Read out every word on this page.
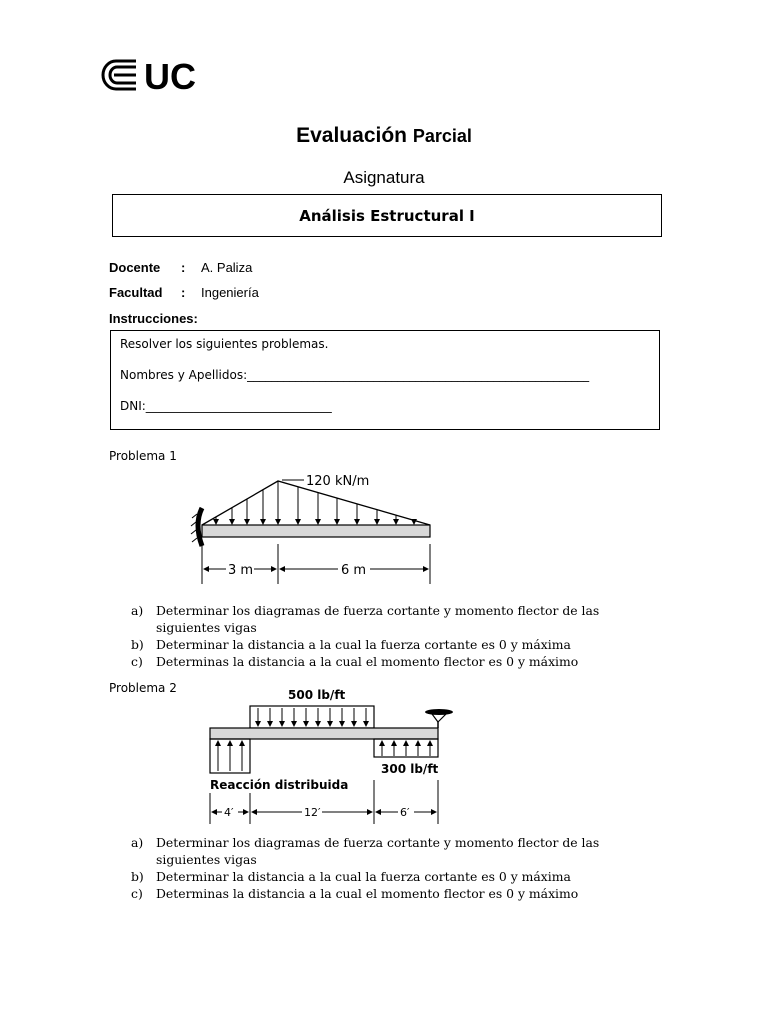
UC
Evaluación Parcial
Asignatura
Análisis Estructural I
Docente : A. Paliza
Facultad : Ingeniería
Instrucciones:
Resolver los siguientes problemas.
Nombres y Apellidos:_________________________________________________________
DNI:_______________________________
Problema 1
120 kN/m
3 m	6 m
a) Determinar los diagramas de fuerza cortante y momento flector de las siguientes vigas
b) Determinar la distancia a la cual la fuerza cortante es 0 y máxima
c) Determinas la distancia a la cual el momento flector es 0 y máximo
Problema 2	500 lb/ft
300 lb/ft
Reacción distribuida
4′	12′	6′
a) Determinar los diagramas de fuerza cortante y momento flector de las siguientes vigas
b) Determinar la distancia a la cual la fuerza cortante es 0 y máxima
c) Determinas la distancia a la cual el momento flector es 0 y máximo
